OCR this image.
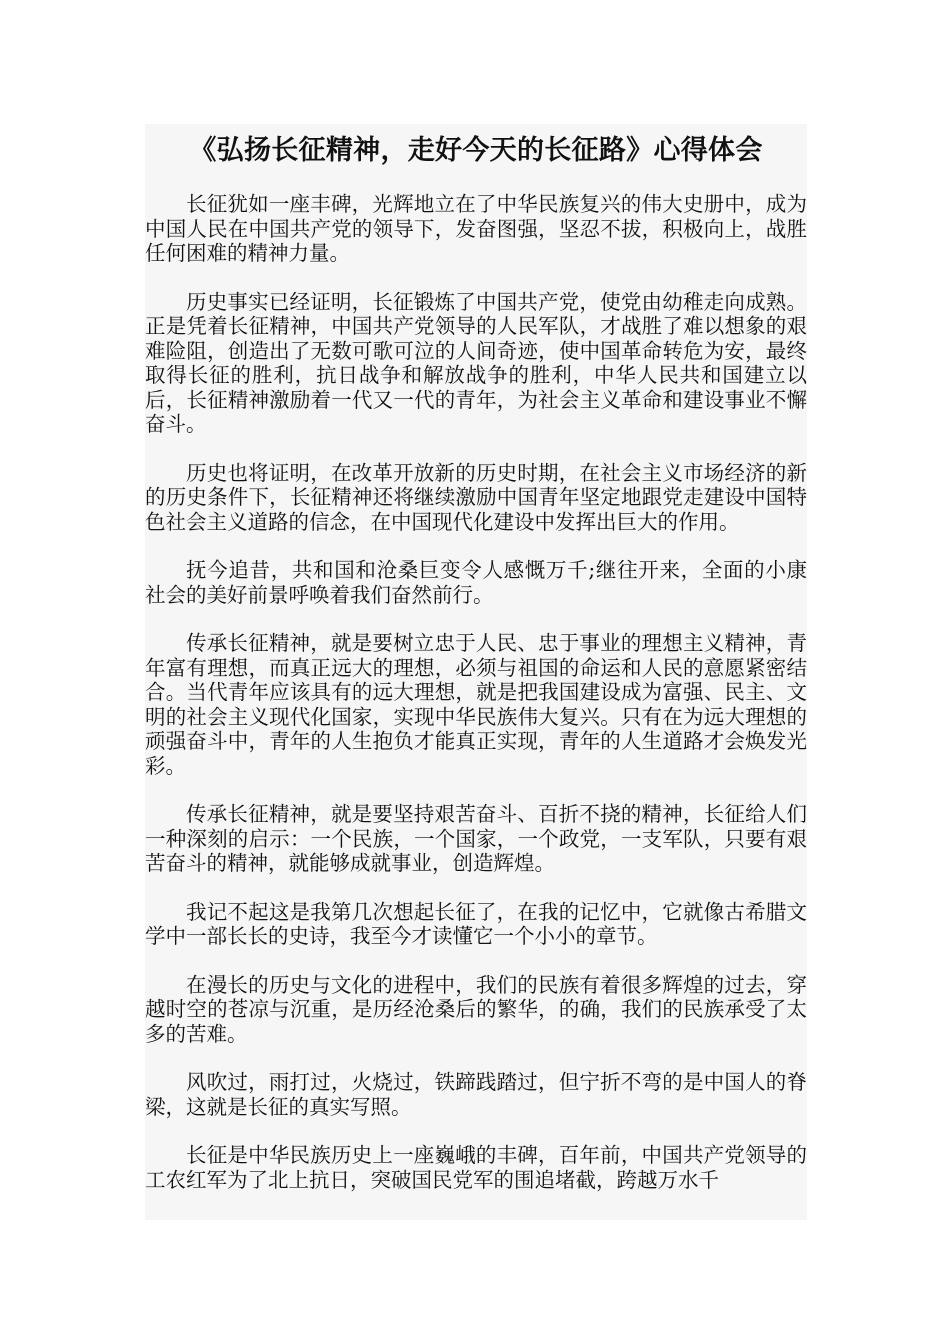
《弘扬长征精神，走好今天的长征路》心得体会

长征犹如一座丰碑，光辉地立在了中华民族复兴的伟大史册中，成为中国人民在中国共产党的领导下，发奋图强，坚忍不拔，积极向上，战胜任何困难的精神力量。

历史事实已经证明，长征锻炼了中国共产党，使党由幼稚走向成熟。正是凭着长征精神，中国共产党领导的人民军队，才战胜了难以想象的艰难险阻，创造出了无数可歌可泣的人间奇迹，使中国革命转危为安，最终取得长征的胜利，抗日战争和解放战争的胜利，中华人民共和国建立以后，长征精神激励着一代又一代的青年，为社会主义革命和建设事业不懈奋斗。

历史也将证明，在改革开放新的历史时期，在社会主义市场经济的新的历史条件下，长征精神还将继续激励中国青年坚定地跟党走建设中国特色社会主义道路的信念，在中国现代化建设中发挥出巨大的作用。

抚今追昔，共和国和沧桑巨变令人感慨万千;继往开来，全面的小康社会的美好前景呼唤着我们奋然前行。

传承长征精神，就是要树立忠于人民、忠于事业的理想主义精神，青年富有理想，而真正远大的理想，必须与祖国的命运和人民的意愿紧密结合。当代青年应该具有的远大理想，就是把我国建设成为富强、民主、文明的社会主义现代化国家，实现中华民族伟大复兴。只有在为远大理想的顽强奋斗中，青年的人生抱负才能真正实现，青年的人生道路才会焕发光彩。

传承长征精神，就是要坚持艰苦奋斗、百折不挠的精神，长征给人们一种深刻的启示：一个民族，一个国家，一个政党，一支军队，只要有艰苦奋斗的精神，就能够成就事业，创造辉煌。

我记不起这是我第几次想起长征了，在我的记忆中，它就像古希腊文学中一部长长的史诗，我至今才读懂它一个小小的章节。

在漫长的历史与文化的进程中，我们的民族有着很多辉煌的过去，穿越时空的苍凉与沉重，是历经沧桑后的繁华，的确，我们的民族承受了太多的苦难。

风吹过，雨打过，火烧过，铁蹄践踏过，但宁折不弯的是中国人的脊梁，这就是长征的真实写照。

长征是中华民族历史上一座巍峨的丰碑，百年前，中国共产党领导的工农红军为了北上抗日，突破国民党军的围追堵截，跨越万水千
